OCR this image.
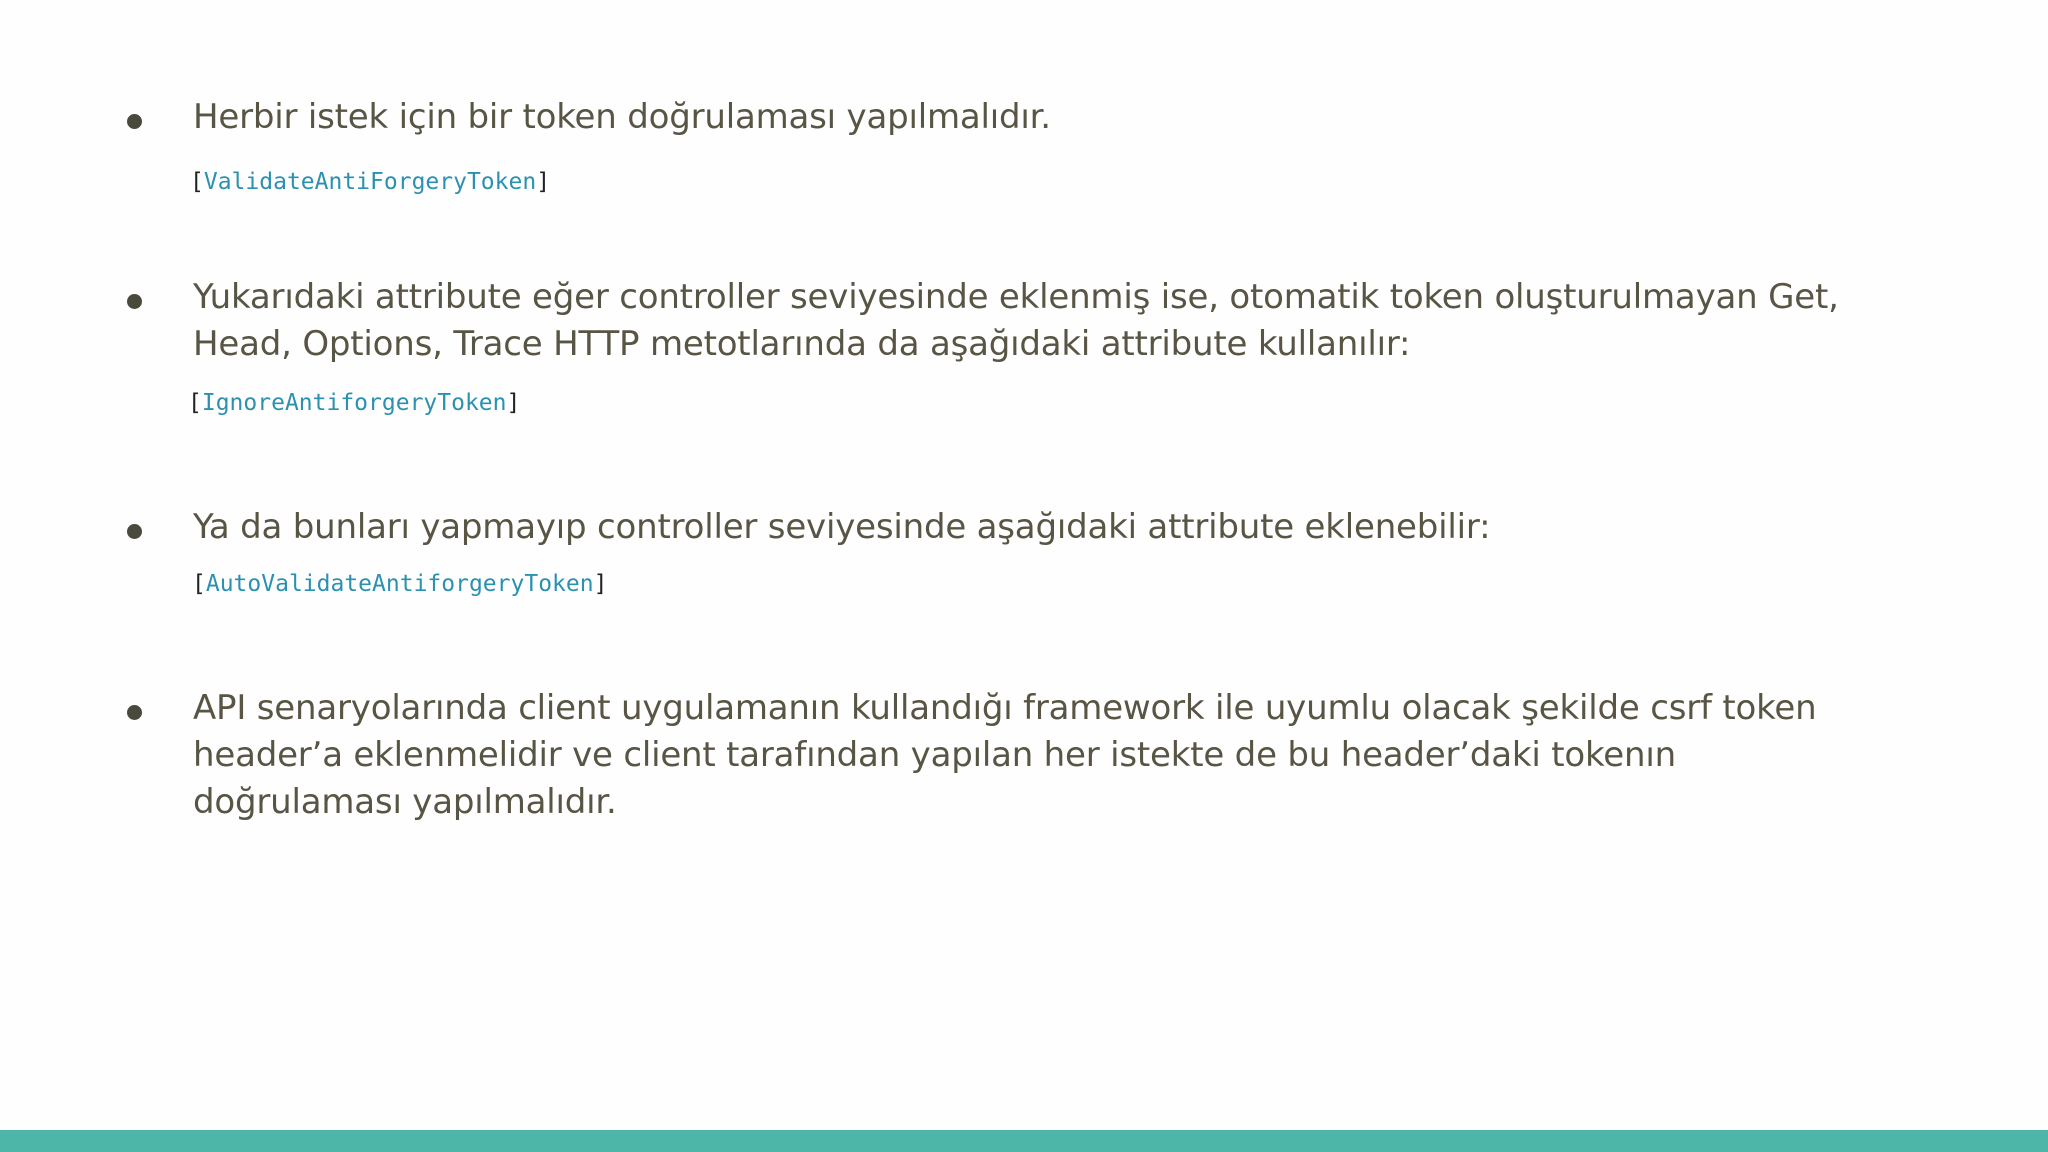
Herbir istek için bir token doğrulaması yapılmalıdır.

[ValidateAntiForgeryToken]

Yukarıdaki attribute eğer controller seviyesinde eklenmiş ise, otomatik token oluşturulmayan Get, Head, Options, Trace HTTP metotlarında da aşağıdaki attribute kullanılır:

[IgnoreAntiforgeryToken]

Ya da bunları yapmayıp controller seviyesinde aşağıdaki attribute eklenebilir:

[AutoValidateAntiforgeryToken]

API senaryolarında client uygulamanın kullandığı framework ile uyumlu olacak şekilde csrf token header’a eklenmelidir ve client tarafından yapılan her istekte de bu header’daki tokenın doğrulaması yapılmalıdır.
